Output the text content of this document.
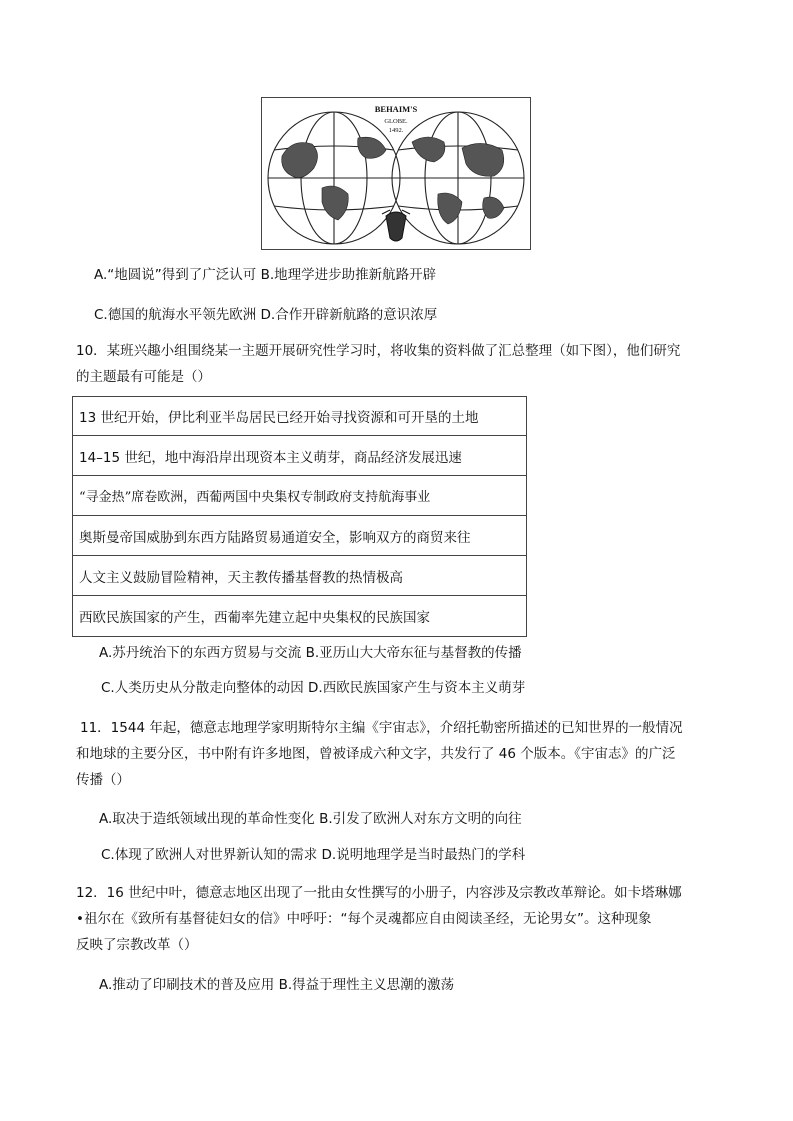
BEHAIM'S
GLOBE.
1492.
A.“地圆说”得到了广泛认可 B.地理学进步助推新航路开辟
C.德国的航海水平领先欧洲 D.合作开辟新航路的意识浓厚
10．某班兴趣小组围绕某一主题开展研究性学习时，将收集的资料做了汇总整理（如下图），他们研究
的主题最有可能是（）
13 世纪开始，伊比利亚半岛居民已经开始寻找资源和可开垦的土地
14–15 世纪，地中海沿岸出现资本主义萌芽，商品经济发展迅速
“寻金热”席卷欧洲，西葡两国中央集权专制政府支持航海事业
奥斯曼帝国威胁到东西方陆路贸易通道安全，影响双方的商贸来往
人文主义鼓励冒险精神，天主教传播基督教的热情极高
西欧民族国家的产生，西葡率先建立起中央集权的民族国家
A.苏丹统治下的东西方贸易与交流 B.亚历山大大帝东征与基督教的传播
C.人类历史从分散走向整体的动因 D.西欧民族国家产生与资本主义萌芽
11．1544 年起，德意志地理学家明斯特尔主编《宇宙志》，介绍托勒密所描述的已知世界的一般情况
和地球的主要分区，书中附有许多地图，曾被译成六种文字，共发行了 46 个版本。《宇宙志》的广泛
传播（）
A.取决于造纸领域出现的革命性变化 B.引发了欧洲人对东方文明的向往
C.体现了欧洲人对世界新认知的需求 D.说明地理学是当时最热门的学科
12．16 世纪中叶，德意志地区出现了一批由女性撰写的小册子，内容涉及宗教改革辩论。如卡塔琳娜
•祖尔在《致所有基督徒妇女的信》中呼吁：“每个灵魂都应自由阅读圣经，无论男女”。这种现象
反映了宗教改革（）
A.推动了印刷技术的普及应用 B.得益于理性主义思潮的激荡
